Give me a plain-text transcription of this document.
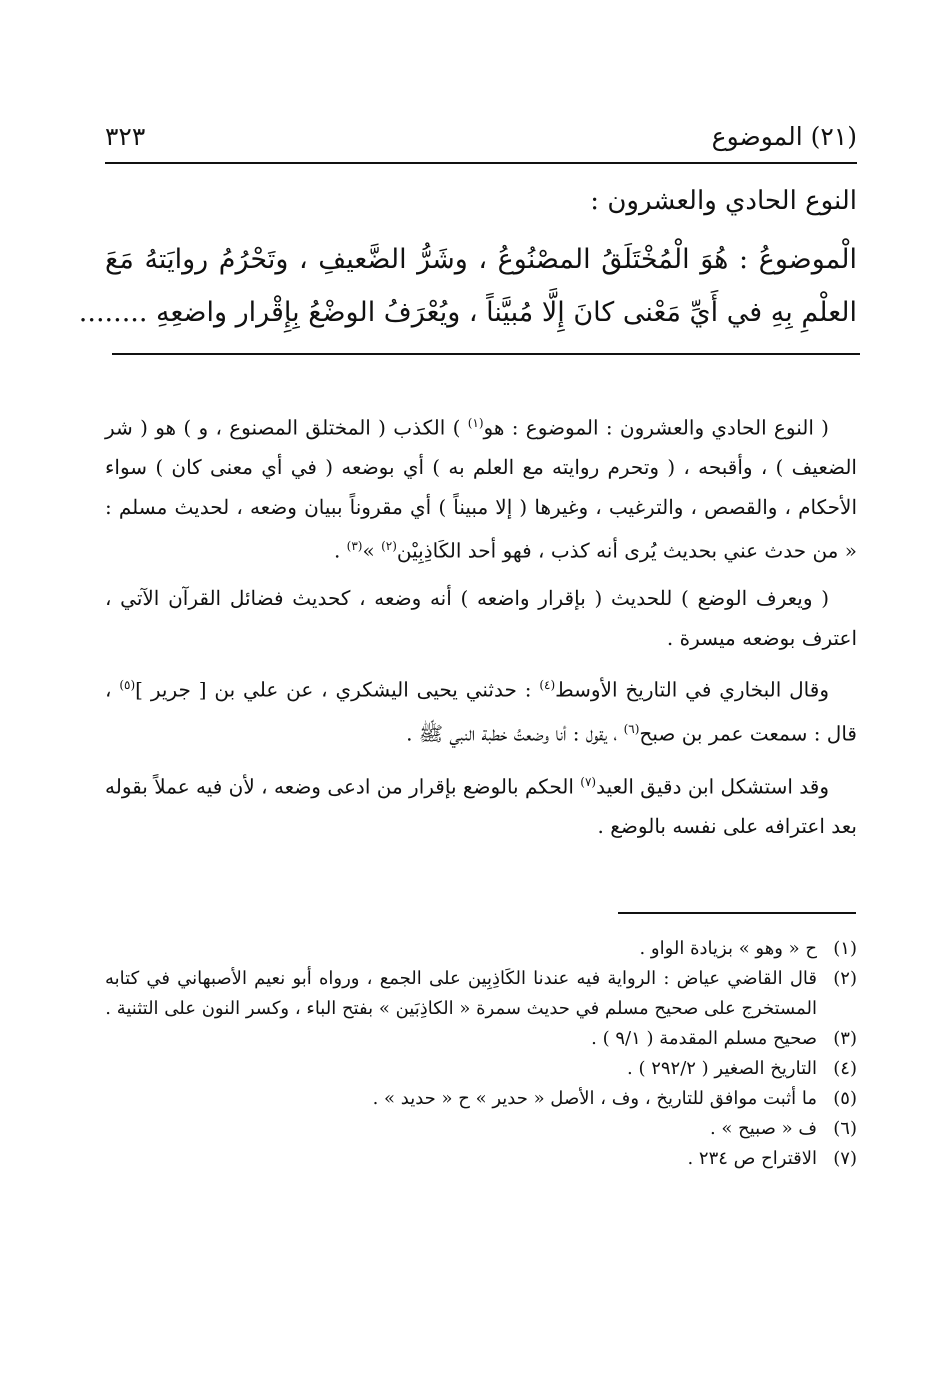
(٢١) الموضوع
٣٢٣
النوع الحادي والعشرون :
الْموضوعُ : هُوَ الْمُخْتَلَقُ المصْنُوعُ ، وشَرُّ الضَّعيفِ ، وتَحْرُمُ روايَتهُ مَعَ
العلْمِ بِهِ في أَيِّ مَعْنى كانَ إِلَّا مُبيَّناً ، ويُعْرَفُ الوضْعُ بِإِقْرار واضعِهِ ........

( النوع الحادي والعشرون : الموضوع : هو$^{(١)}$ ) الكذب ( المختلق المصنوع ، و ) هو ( شر الضعيف ) ، وأقبحه ، ( وتحرم روايته مع العلم به ) أي بوضعه ( في أي معنى كان ) سواء الأحكام ، والقصص ، والترغيب ، وغيرها ( إلا مبيناً ) أي مقروناً ببيان وضعه ، لحديث مسلم : « من حدث عني بحديث يُرى أنه كذب ، فهو أحد الكَاذِبِيْن$^{(٢)}$ »$^{(٣)}$ .

( ويعرف الوضع ) للحديث ( بإقرار واضعه ) أنه وضعه ، كحديث فضائل القرآن الآتي ، اعترف بوضعه ميسرة .

وقال البخاري في التاريخ الأوسط$^{(٤)}$ : حدثني يحيى اليشكري ، عن علي بن [ جرير ]$^{(٥)}$ ، قال : سمعت عمر بن صبح$^{(٦)}$ ، يقول : أنا وضعتُ خطبة النبي ﷺ .

وقد استشكل ابن دقيق العيد$^{(٧)}$ الحكم بالوضع بإقرار من ادعى وضعه ، لأن فيه عملاً بقوله بعد اعترافه على نفسه بالوضع .

(١)
ح « وهو » بزيادة الواو .
(٢)
قال القاضي عياض : الرواية فيه عندنا الكَاذِبِين على الجمع ، ورواه أبو نعيم الأصبهاني في كتابه المستخرج على صحيح مسلم في حديث سمرة « الكاذِبَين » بفتح الباء ، وكسر النون على التثنية .
(٣)
صحيح مسلم المقدمة ( ٩/١ ) .
(٤)
التاريخ الصغير ( ٢٩٢/٢ ) .
(٥)
ما أثبت موافق للتاريخ ، وف ، الأصل « حدير » ح « حديد » .
(٦)
ف « صبيح » .
(٧)
الاقتراح ص ٢٣٤ .
